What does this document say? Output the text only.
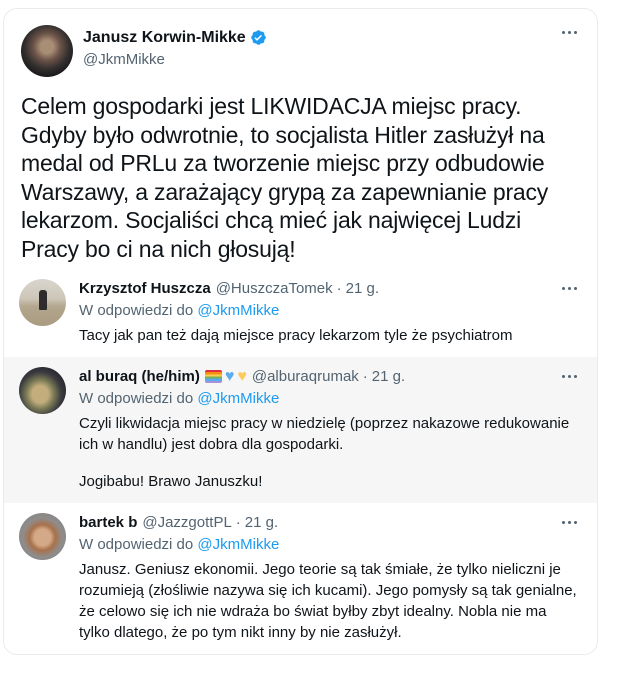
Janusz Korwin-Mikke
@JkmMikke
Celem gospodarki jest LIKWIDACJA miejsc pracy. Gdyby było odwrotnie, to socjalista Hitler zasłużył na medal od PRLu za tworzenie miejsc przy odbudowie Warszawy, a zarażający grypą za zapewnianie pracy lekarzom. Socjaliści chcą mieć jak najwięcej Ludzi Pracy bo ci na nich głosują!
Krzysztof Huszcza @HuszczaTomek · 21 g.
W odpowiedzi do @JkmMikke
Tacy jak pan też dają miejsce pracy lekarzom tyle że psychiatrom
al buraq (he/him) ♥ ♥ @alburaqrumak · 21 g.
W odpowiedzi do @JkmMikke
Czyli likwidacja miejsc pracy w niedzielę (poprzez nakazowe redukowanie ich w handlu) jest dobra dla gospodarki.
Jogibabu! Brawo Januszku!
bartek b @JazzgottPL · 21 g.
W odpowiedzi do @JkmMikke
Janusz. Geniusz ekonomii. Jego teorie są tak śmiałe, że tylko nieliczni je rozumieją (złośliwie nazywa się ich kucami). Jego pomysły są tak genialne, że celowo się ich nie wdraża bo świat byłby zbyt idealny. Nobla nie ma tylko dlatego, że po tym nikt inny by nie zasłużył.
